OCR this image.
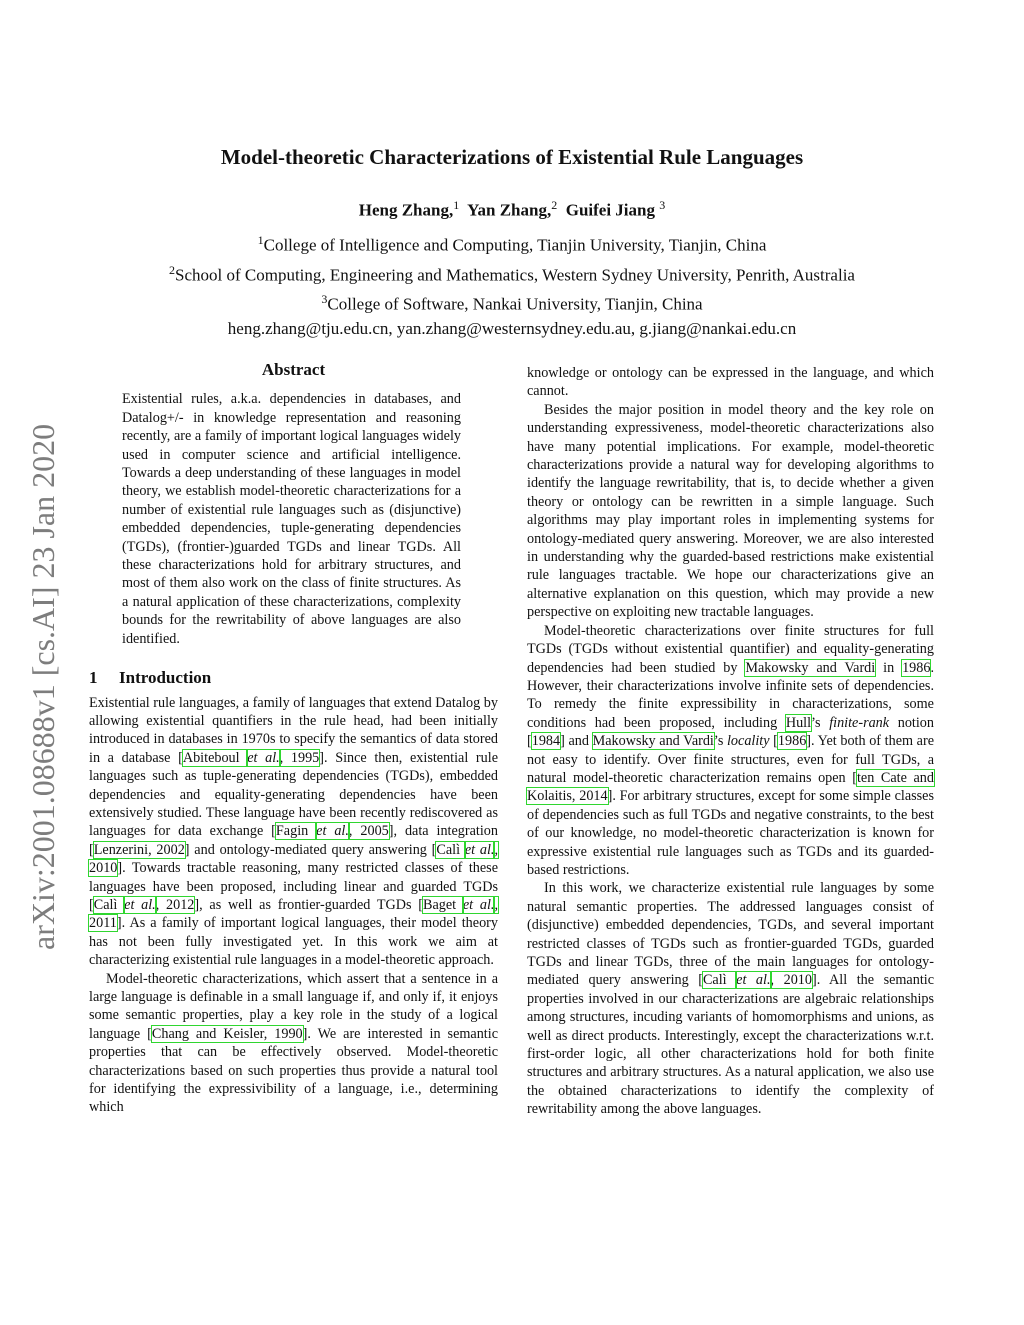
arXiv:2001.08688v1 [cs.AI] 23 Jan 2020
Model-theoretic Characterizations of Existential Rule Languages
Heng Zhang,$^1$ Yan Zhang,$^2$ Guifei Jiang $^3$
$^1$College of Intelligence and Computing, Tianjin University, Tianjin, China
$^2$School of Computing, Engineering and Mathematics, Western Sydney University, Penrith, Australia
$^3$College of Software, Nankai University, Tianjin, China
heng.zhang@tju.edu.cn, yan.zhang@westernsydney.edu.au, g.jiang@nankai.edu.cn
Abstract

Existential rules, a.k.a. dependencies in databases, and Datalog+/- in knowledge representation and reasoning recently, are a family of important logical languages widely used in computer science and artificial intelligence. Towards a deep understanding of these languages in model theory, we establish model-theoretic characterizations for a number of existential rule languages such as (disjunctive) embedded dependencies, tuple-generating dependencies (TGDs), (frontier-)guarded TGDs and linear TGDs. All these characterizations hold for arbitrary structures, and most of them also work on the class of finite structures. As a natural application of these characterizations, complexity bounds for the rewritability of above languages are also identified.

1 Introduction

Existential rule languages, a family of languages that extend Datalog by allowing existential quantifiers in the rule head, had been initially introduced in databases in 1970s to specify the semantics of data stored in a database [Abiteboul et al., 1995]. Since then, existential rule languages such as tuple-generating dependencies (TGDs), embedded dependencies and equality-generating dependencies have been extensively studied. These language have been recently rediscovered as languages for data exchange [Fagin et al., 2005], data integration [Lenzerini, 2002] and ontology-mediated query answering [Calì et al., 2010]. Towards tractable reasoning, many restricted classes of these languages have been proposed, including linear and guarded TGDs [Calì et al., 2012], as well as frontier-guarded TGDs [Baget et al., 2011]. As a family of important logical languages, their model theory has not been fully investigated yet. In this work we aim at characterizing existential rule languages in a model-theoretic approach.

Model-theoretic characterizations, which assert that a sentence in a large language is definable in a small language if, and only if, it enjoys some semantic properties, play a key role in the study of a logical language [Chang and Keisler, 1990]. We are interested in semantic properties that can be effectively observed. Model-theoretic characterizations based on such properties thus provide a natural tool for identifying the expressivibility of a language, i.e., determining which

knowledge or ontology can be expressed in the language, and which cannot.

Besides the major position in model theory and the key role on understanding expressiveness, model-theoretic characterizations also have many potential implications. For example, model-theoretic characterizations provide a natural way for developing algorithms to identify the language rewritability, that is, to decide whether a given theory or ontology can be rewritten in a simple language. Such algorithms may play important roles in implementing systems for ontology-mediated query answering. Moreover, we are also interested in understanding why the guarded-based restrictions make existential rule languages tractable. We hope our characterizations give an alternative explanation on this question, which may provide a new perspective on exploiting new tractable languages.

Model-theoretic characterizations over finite structures for full TGDs (TGDs without existential quantifier) and equality-generating dependencies had been studied by Makowsky and Vardi in 1986. However, their characterizations involve infinite sets of dependencies. To remedy the finite expressibility in characterizations, some conditions had been proposed, including Hull’s finite-rank notion [1984] and Makowsky and Vardi’s locality [1986]. Yet both of them are not easy to identify. Over finite structures, even for full TGDs, a natural model-theoretic characterization remains open [ten Cate and Kolaitis, 2014]. For arbitrary structures, except for some simple classes of dependencies such as full TGDs and negative constraints, to the best of our knowledge, no model-theoretic characterization is known for expressive existential rule languages such as TGDs and its guarded-based restrictions.

In this work, we characterize existential rule languages by some natural semantic properties. The addressed languages consist of (disjunctive) embedded dependencies, TGDs, and several important restricted classes of TGDs such as frontier-guarded TGDs, guarded TGDs and linear TGDs, three of the main languages for ontology-mediated query answering [Calì et al., 2010]. All the semantic properties involved in our characterizations are algebraic relationships among structures, incuding variants of homomorphisms and unions, as well as direct products. Interestingly, except the characterizations w.r.t. first-order logic, all other characterizations hold for both finite structures and arbitrary structures. As a natural application, we also use the obtained characterizations to identify the complexity of rewritability among the above languages.
